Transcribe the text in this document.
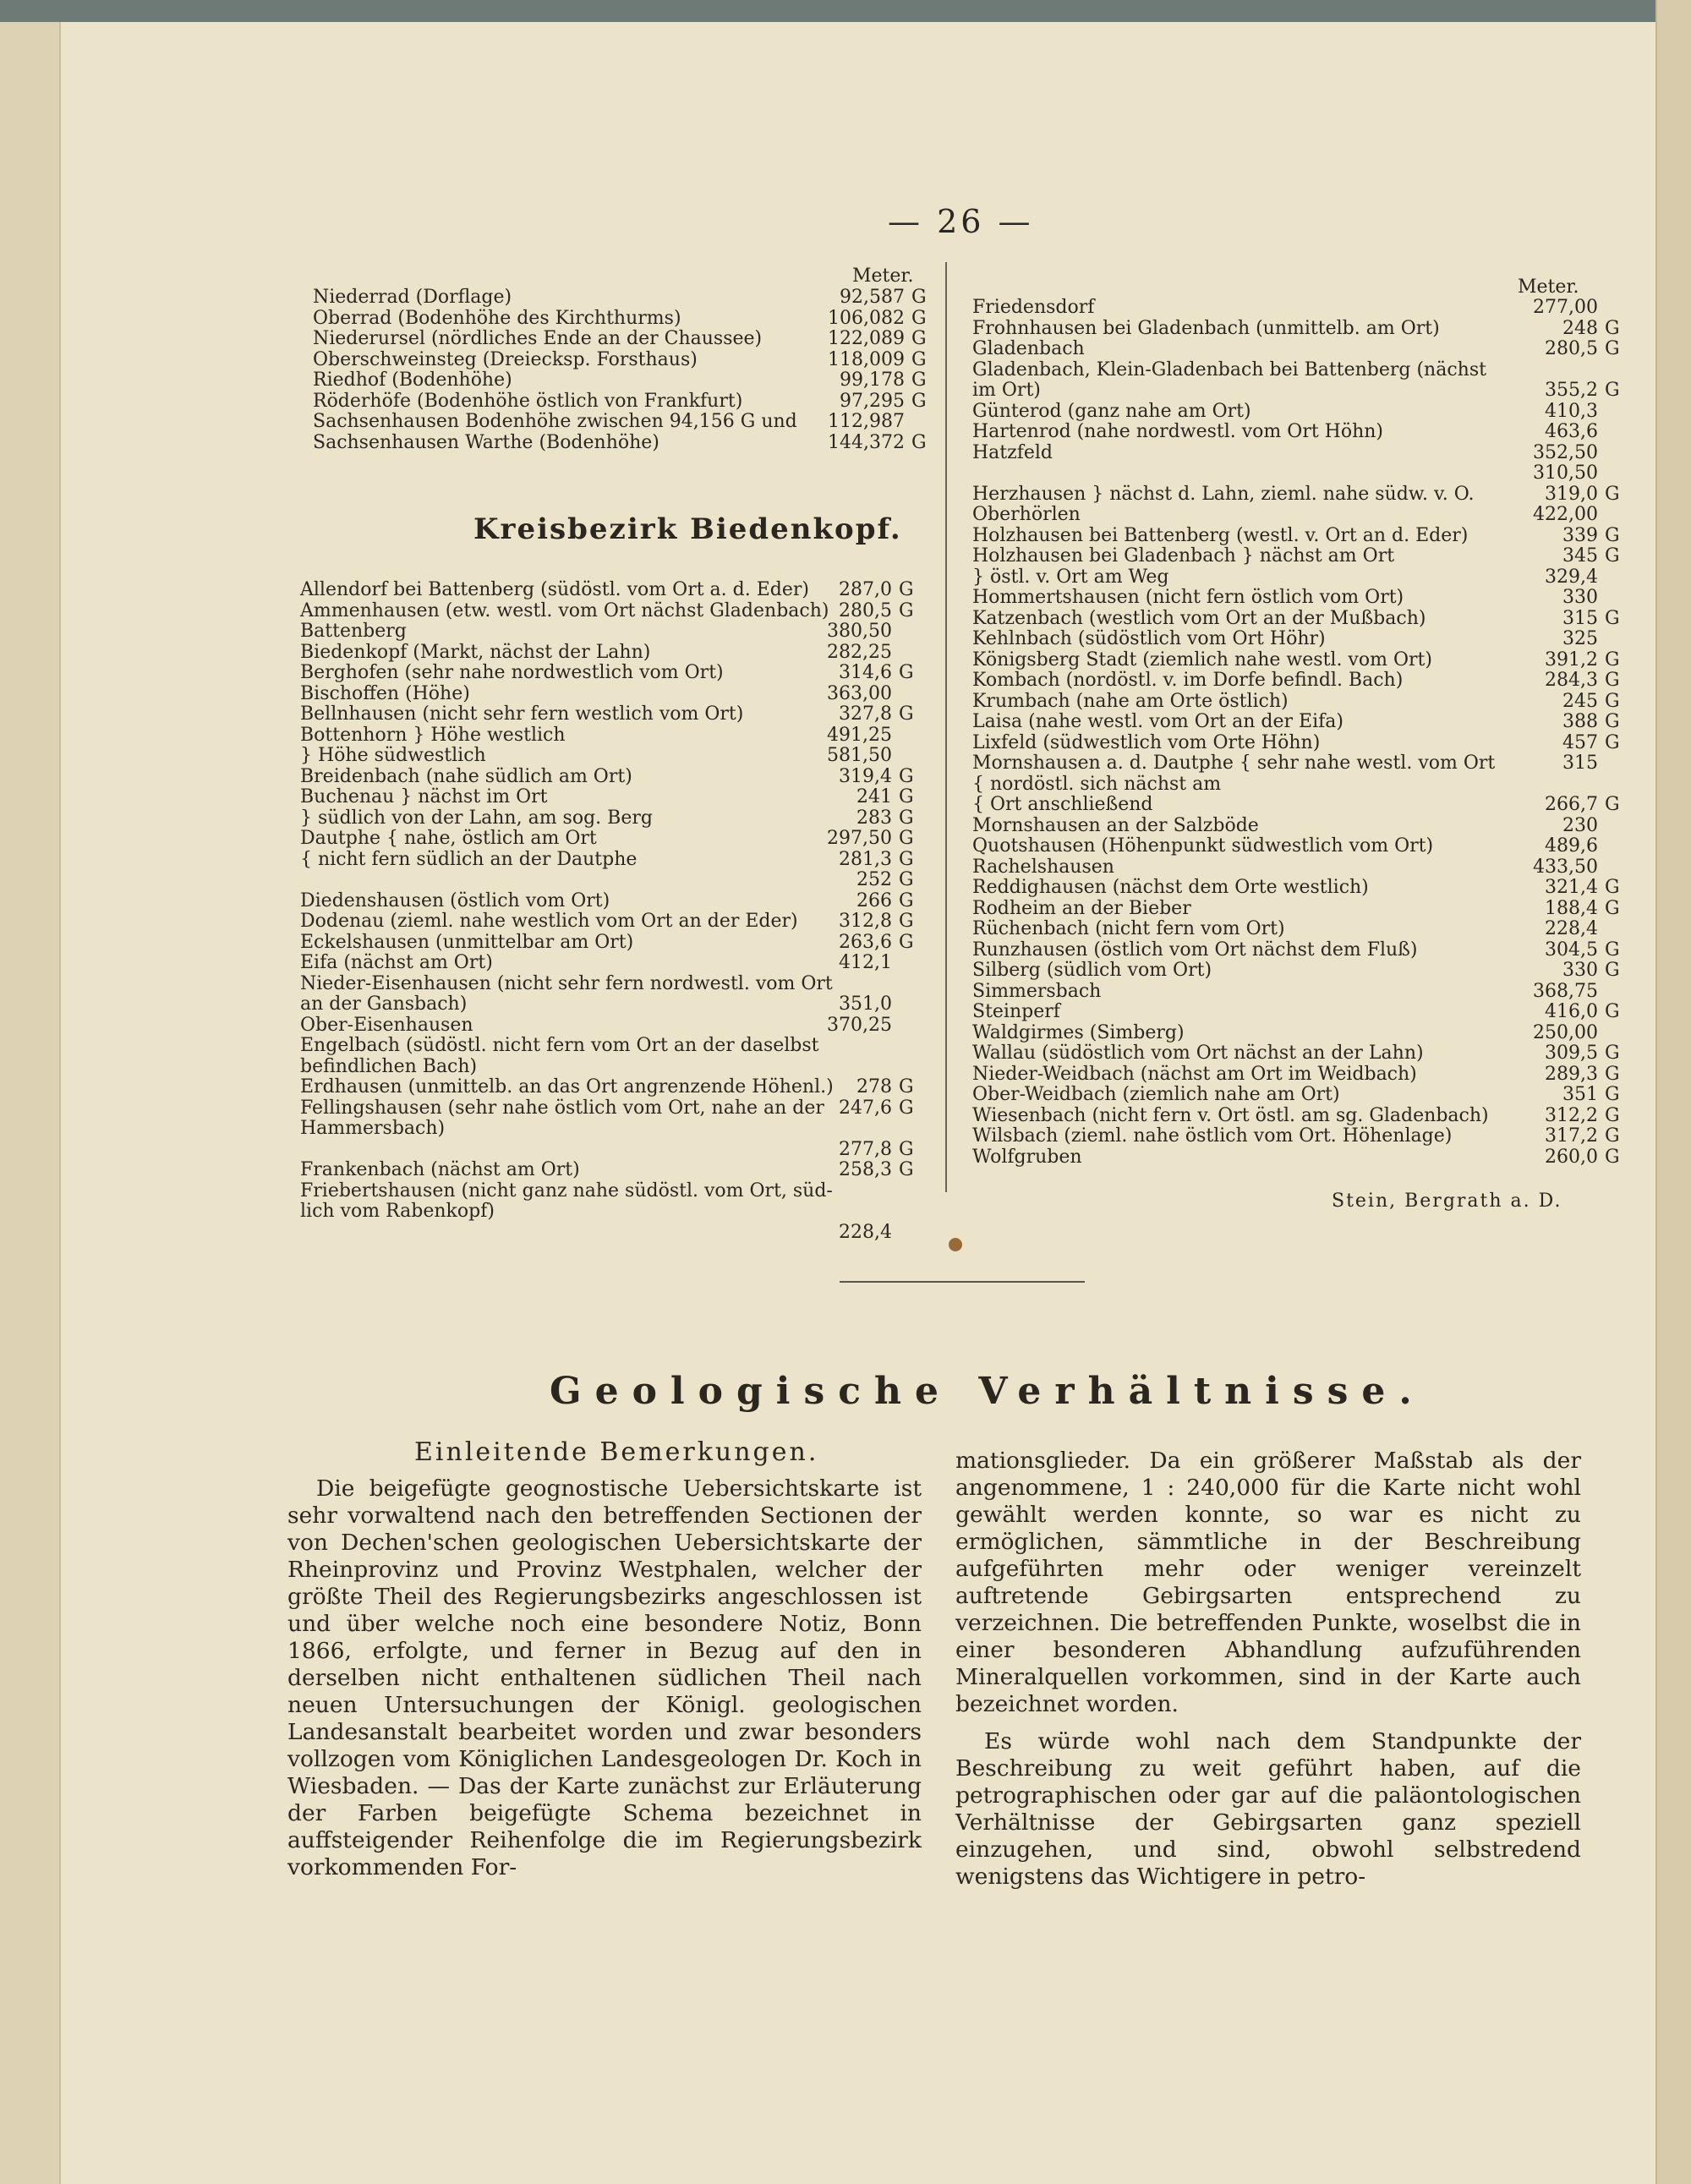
— 26 —
Meter.
Meter.
Niederrad (Dorflage)	92,587 G
Oberrad (Bodenhöhe des Kirchthurms)	106,082 G
Niederursel (nördliches Ende an der Chaussee)	122,089 G
Oberschweinsteg (Dreiecksp. Forsthaus)	118,009 G
Riedhof (Bodenhöhe)	99,178 G
Röderhöfe (Bodenhöhe östlich von Frankfurt)	97,295 G
Sachsenhausen Bodenhöhe zwischen 94,156 G und	112,987
Sachsenhausen Warthe (Bodenhöhe)	144,372 G
Kreisbezirk Biedenkopf.
Allendorf bei Battenberg (südöstl. vom Ort a. d. Eder)	287,0 G
Ammenhausen (etw. westl. vom Ort nächst Gladenbach) 280,5 G
Battenberg	380,50
Biedenkopf (Markt, nächst der Lahn)	282,25
Berghofen (sehr nahe nordwestlich vom Ort)	314,6 G
Bischoffen (Höhe)	363,00
Bellnhausen (nicht sehr fern westlich vom Ort)	327,8 G
Bottenhorn } Höhe westlich	491,25
} Höhe südwestlich	581,50
Breidenbach (nahe südlich am Ort)	319,4 G
Buchenau } nächst im Ort	241 G
} südlich von der Lahn, am sog. Berg	283 G
Dautphe { nahe, östlich am Ort	297,50 G
{ nicht fern südlich an der Dautphe	281,3 G
252 G
Diedenshausen (östlich vom Ort)	266 G
Dodenau (zieml. nahe westlich vom Ort an der Eder)	312,8 G
Eckelshausen (unmittelbar am Ort)	263,6 G
Eifa (nächst am Ort)	412,1
Nieder-Eisenhausen (nicht sehr fern nordwestl. vom Ort
an der Gansbach)	351,0
Ober-Eisenhausen	370,25
Engelbach (südöstl. nicht fern vom Ort an der daselbst
befindlichen Bach)
Erdhausen (unmittelb. an das Ort angrenzende Höhenl.)	278 G
Fellingshausen (sehr nahe östlich vom Ort, nahe an der 247,6 G
Hammersbach)
277,8 G
Frankenbach (nächst am Ort)	258,3 G
Friebertshausen (nicht ganz nahe südöstl. vom Ort, süd-
lich vom Rabenkopf)
228,4
Friedensdorf	277,00
Frohnhausen bei Gladenbach (unmittelb. am Ort)	248 G
Gladenbach	280,5 G
Gladenbach, Klein-Gladenbach bei Battenberg (nächst
im Ort)	355,2 G
Günterod (ganz nahe am Ort)	410,3
Hartenrod (nahe nordwestl. vom Ort Höhn)	463,6
Hatzfeld	352,50
310,50
Herzhausen } nächst d. Lahn, zieml. nahe südw. v. O.	319,0 G
Oberhörlen	422,00
Holzhausen bei Battenberg (westl. v. Ort an d. Eder)	339 G
Holzhausen bei Gladenbach } nächst am Ort	345 G
} östl. v. Ort am Weg	329,4
Hommertshausen (nicht fern östlich vom Ort)	330
Katzenbach (westlich vom Ort an der Mußbach)	315 G
Kehlnbach (südöstlich vom Ort Höhr)	325
Königsberg Stadt (ziemlich nahe westl. vom Ort)	391,2 G
Kombach (nordöstl. v. im Dorfe befindl. Bach)	284,3 G
Krumbach (nahe am Orte östlich)	245 G
Laisa (nahe westl. vom Ort an der Eifa)	388 G
Lixfeld (südwestlich vom Orte Höhn)	457 G
Mornshausen a. d. Dautphe { sehr nahe westl. vom Ort	315
{ nordöstl. sich nächst am
{ Ort anschließend	266,7 G
Mornshausen an der Salzböde	230
Quotshausen (Höhenpunkt südwestlich vom Ort)	489,6
Rachelshausen	433,50
Reddighausen (nächst dem Orte westlich)	321,4 G
Rodheim an der Bieber	188,4 G
Rüchenbach (nicht fern vom Ort)	228,4
Runzhausen (östlich vom Ort nächst dem Fluß)	304,5 G
Silberg (südlich vom Ort)	330 G
Simmersbach	368,75
Steinperf	416,0 G
Waldgirmes (Simberg)	250,00
Wallau (südöstlich vom Ort nächst an der Lahn)	309,5 G
Nieder-Weidbach (nächst am Ort im Weidbach)	289,3 G
Ober-Weidbach (ziemlich nahe am Ort)	351 G
Wiesenbach (nicht fern v. Ort östl. am sg. Gladenbach)	312,2 G
Wilsbach (zieml. nahe östlich vom Ort. Höhenlage)	317,2 G
Wolfgruben	260,0 G
Stein, Bergrath a. D.
Geologische Verhältnisse.
Einleitende Bemerkungen.

Die beigefügte geognostische Uebersichtskarte ist sehr vorwaltend nach den betreffenden Sectionen der von Dechen'schen geologischen Uebersichtskarte der Rheinprovinz und Provinz Westphalen, welcher der größte Theil des Regierungsbezirks angeschlossen ist und über welche noch eine besondere Notiz, Bonn 1866, erfolgte, und ferner in Bezug auf den in derselben nicht enthaltenen südlichen Theil nach neuen Untersuchungen der Königl. geologischen Landesanstalt bearbeitet worden und zwar besonders vollzogen vom Königlichen Landesgeologen Dr. Koch in Wiesbaden. — Das der Karte zunächst zur Erläuterung der Farben beigefügte Schema bezeichnet in auffsteigender Reihenfolge die im Regierungsbezirk vorkommenden For-

mationsglieder. Da ein größerer Maßstab als der angenommene, 1 : 240,000 für die Karte nicht wohl gewählt werden konnte, so war es nicht zu ermöglichen, sämmtliche in der Beschreibung aufgeführten mehr oder weniger vereinzelt auftretende Gebirgsarten entsprechend zu verzeichnen. Die betreffenden Punkte, woselbst die in einer besonderen Abhandlung aufzuführenden Mineralquellen vorkommen, sind in der Karte auch bezeichnet worden.

Es würde wohl nach dem Standpunkte der Beschreibung zu weit geführt haben, auf die petrographischen oder gar auf die paläontologischen Verhältnisse der Gebirgsarten ganz speziell einzugehen, und sind, obwohl selbstredend wenigstens das Wichtigere in petro-
